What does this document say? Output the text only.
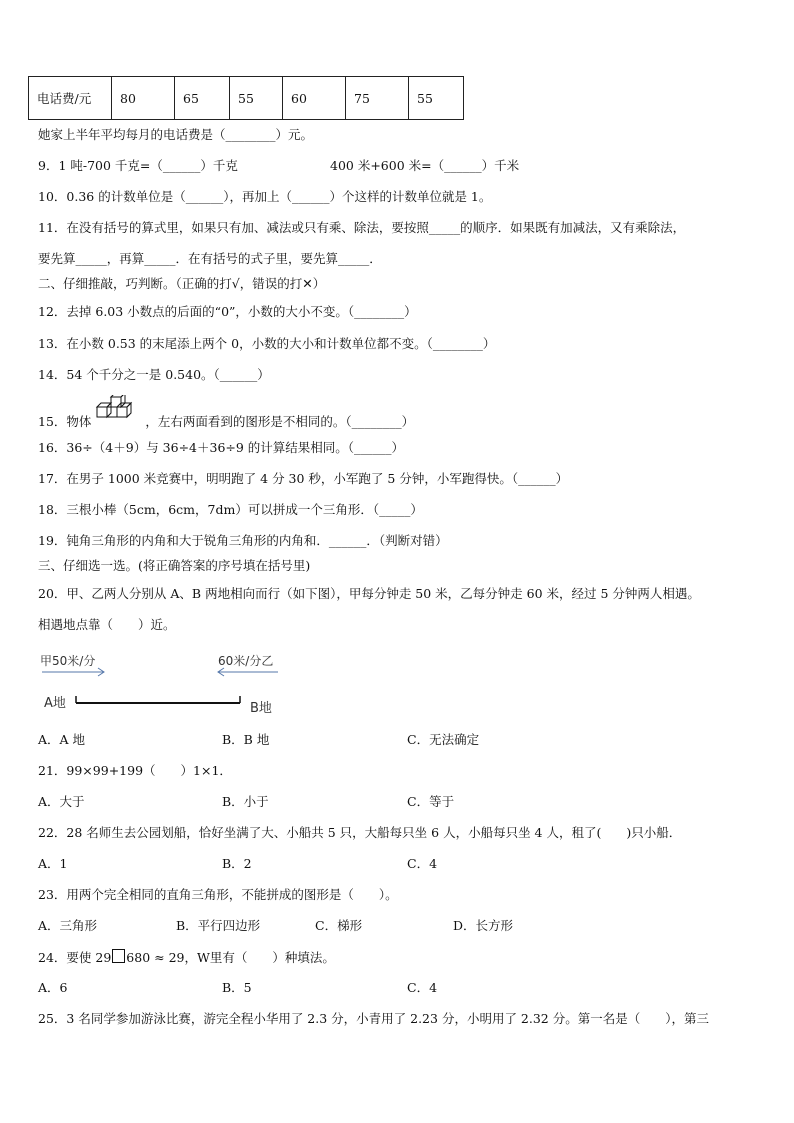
电话费/元	80	65	55	60	75	55
她家上半年平均每月的电话费是（________）元。
9．1 吨-700 千克=（______）千克	400 米+600 米=（______）千米
10．0.36 的计数单位是（______），再加上（______）个这样的计数单位就是 1。
11．在没有括号的算式里，如果只有加、减法或只有乘、除法，要按照_____的顺序．如果既有加减法，又有乘除法，
要先算_____，再算_____．在有括号的式子里，要先算_____．
二、仔细推敲，巧判断。（正确的打√，错误的打✕）
12．去掉 6.03 小数点的后面的“0”，小数的大小不变。（________）
13．在小数 0.53 的末尾添上两个 0，小数的大小和计数单位都不变。（________）
14．54 个千分之一是 0.540。（______）
15．物体	，左右两面看到的图形是不相同的。（________）
16．36÷（4＋9）与 36÷4＋36÷9 的计算结果相同。（______）
17．在男子 1000 米竞赛中，明明跑了 4 分 30 秒，小军跑了 5 分钟，小军跑得快。（______）
18．三根小棒（5cm，6cm，7dm）可以拼成一个三角形．（_____）
19．钝角三角形的内角和大于锐角三角形的内角和．______．（判断对错）
三、仔细选一选。(将正确答案的序号填在括号里)
20．甲、乙两人分别从 A、B 两地相向而行（如下图），甲每分钟走 50 米，乙每分钟走 60 米，经过 5 分钟两人相遇。
相遇地点靠（　　）近。
甲50米/分	60米/分乙
A地	B地
A．A 地	B．B 地	C．无法确定
21．99×99+199（　　）1×1．
A．大于	B．小于	C．等于
22．28 名师生去公园划船，恰好坐满了大、小船共 5 只，大船每只坐 6 人，小船每只坐 4 人，租了(　　)只小船．
A．1	B．2	C．4
23．用两个完全相同的直角三角形，不能拼成的图形是（　　）。
A．三角形	B．平行四边形	C．梯形	D．长方形
24．要使 29 680 ≈ 29，W里有（　　）种填法。
A．6	B．5	C．4
25．3 名同学参加游泳比赛，游完全程小华用了 2.3 分，小青用了 2.23 分，小明用了 2.32 分。第一名是（　　），第三
